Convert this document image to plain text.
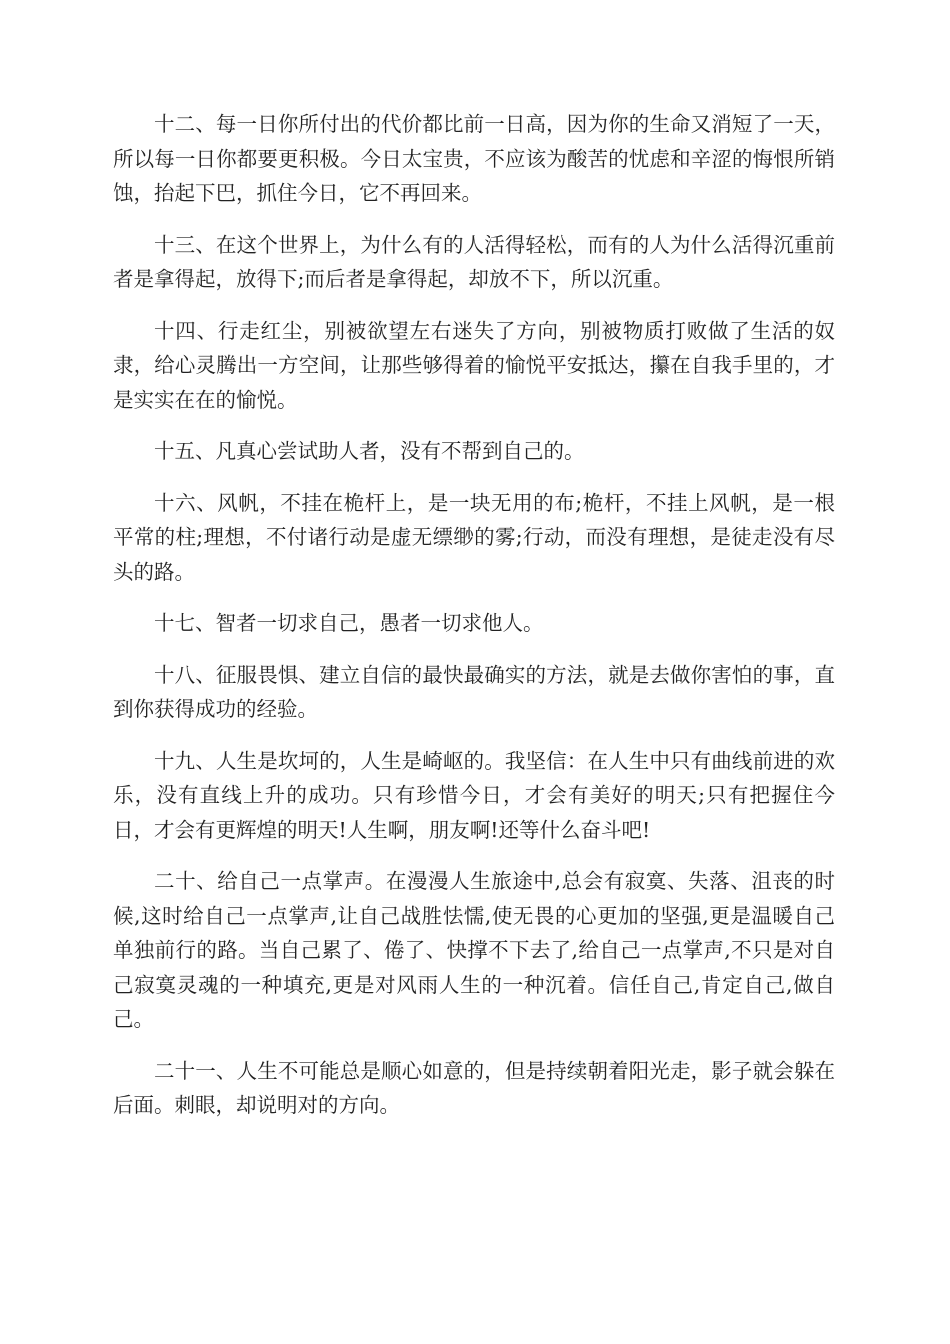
十二、每一日你所付出的代价都比前一日高，因为你的生命又消短了一天，所以每一日你都要更积极。今日太宝贵，不应该为酸苦的忧虑和辛涩的悔恨所销蚀，抬起下巴，抓住今日，它不再回来。

十三、在这个世界上，为什么有的人活得轻松，而有的人为什么活得沉重前者是拿得起，放得下;而后者是拿得起，却放不下，所以沉重。

十四、行走红尘，别被欲望左右迷失了方向，别被物质打败做了生活的奴隶，给心灵腾出一方空间，让那些够得着的愉悦平安抵达，攥在自我手里的，才是实实在在的愉悦。

十五、凡真心尝试助人者，没有不帮到自己的。

十六、风帆，不挂在桅杆上，是一块无用的布;桅杆，不挂上风帆，是一根平常的柱;理想，不付诸行动是虚无缥缈的雾;行动，而没有理想，是徒走没有尽头的路。

十七、智者一切求自己，愚者一切求他人。

十八、征服畏惧、建立自信的最快最确实的方法，就是去做你害怕的事，直到你获得成功的经验。

十九、人生是坎坷的，人生是崎岖的。我坚信：在人生中只有曲线前进的欢乐，没有直线上升的成功。只有珍惜今日，才会有美好的明天;只有把握住今日，才会有更辉煌的明天!人生啊，朋友啊!还等什么奋斗吧!

二十、给自己一点掌声。在漫漫人生旅途中,总会有寂寞、失落、沮丧的时候,这时给自己一点掌声,让自己战胜怯懦,使无畏的心更加的坚强,更是温暖自己单独前行的路。当自己累了、倦了、快撑不下去了,给自己一点掌声,不只是对自己寂寞灵魂的一种填充,更是对风雨人生的一种沉着。信任自己,肯定自己,做自己。

二十一、人生不可能总是顺心如意的，但是持续朝着阳光走，影子就会躲在后面。刺眼，却说明对的方向。
